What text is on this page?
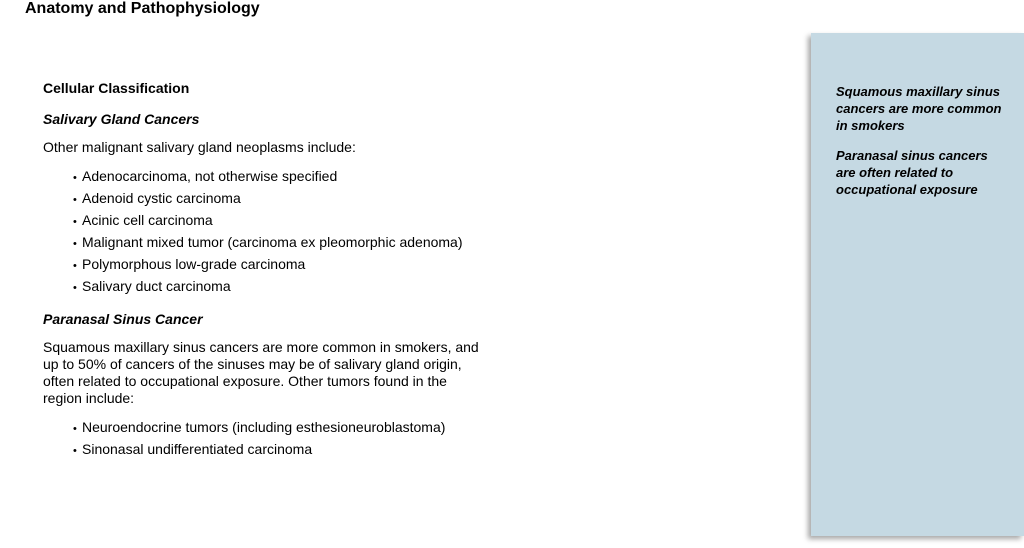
Anatomy and Pathophysiology
Cellular Classification
Salivary Gland Cancers
Other malignant salivary gland neoplasms include:
• Adenocarcinoma, not otherwise specified
• Adenoid cystic carcinoma
• Acinic cell carcinoma
• Malignant mixed tumor (carcinoma ex pleomorphic adenoma)
• Polymorphous low-grade carcinoma
• Salivary duct carcinoma
Paranasal Sinus Cancer
Squamous maxillary sinus cancers are more common in smokers, and up to 50% of cancers of the sinuses may be of salivary gland origin, often related to occupational exposure. Other tumors found in the region include:
• Neuroendocrine tumors (including esthesioneuroblastoma)
• Sinonasal undifferentiated carcinoma
Squamous maxillary sinus cancers are more common in smokers
Paranasal sinus cancers are often related to occupational exposure
